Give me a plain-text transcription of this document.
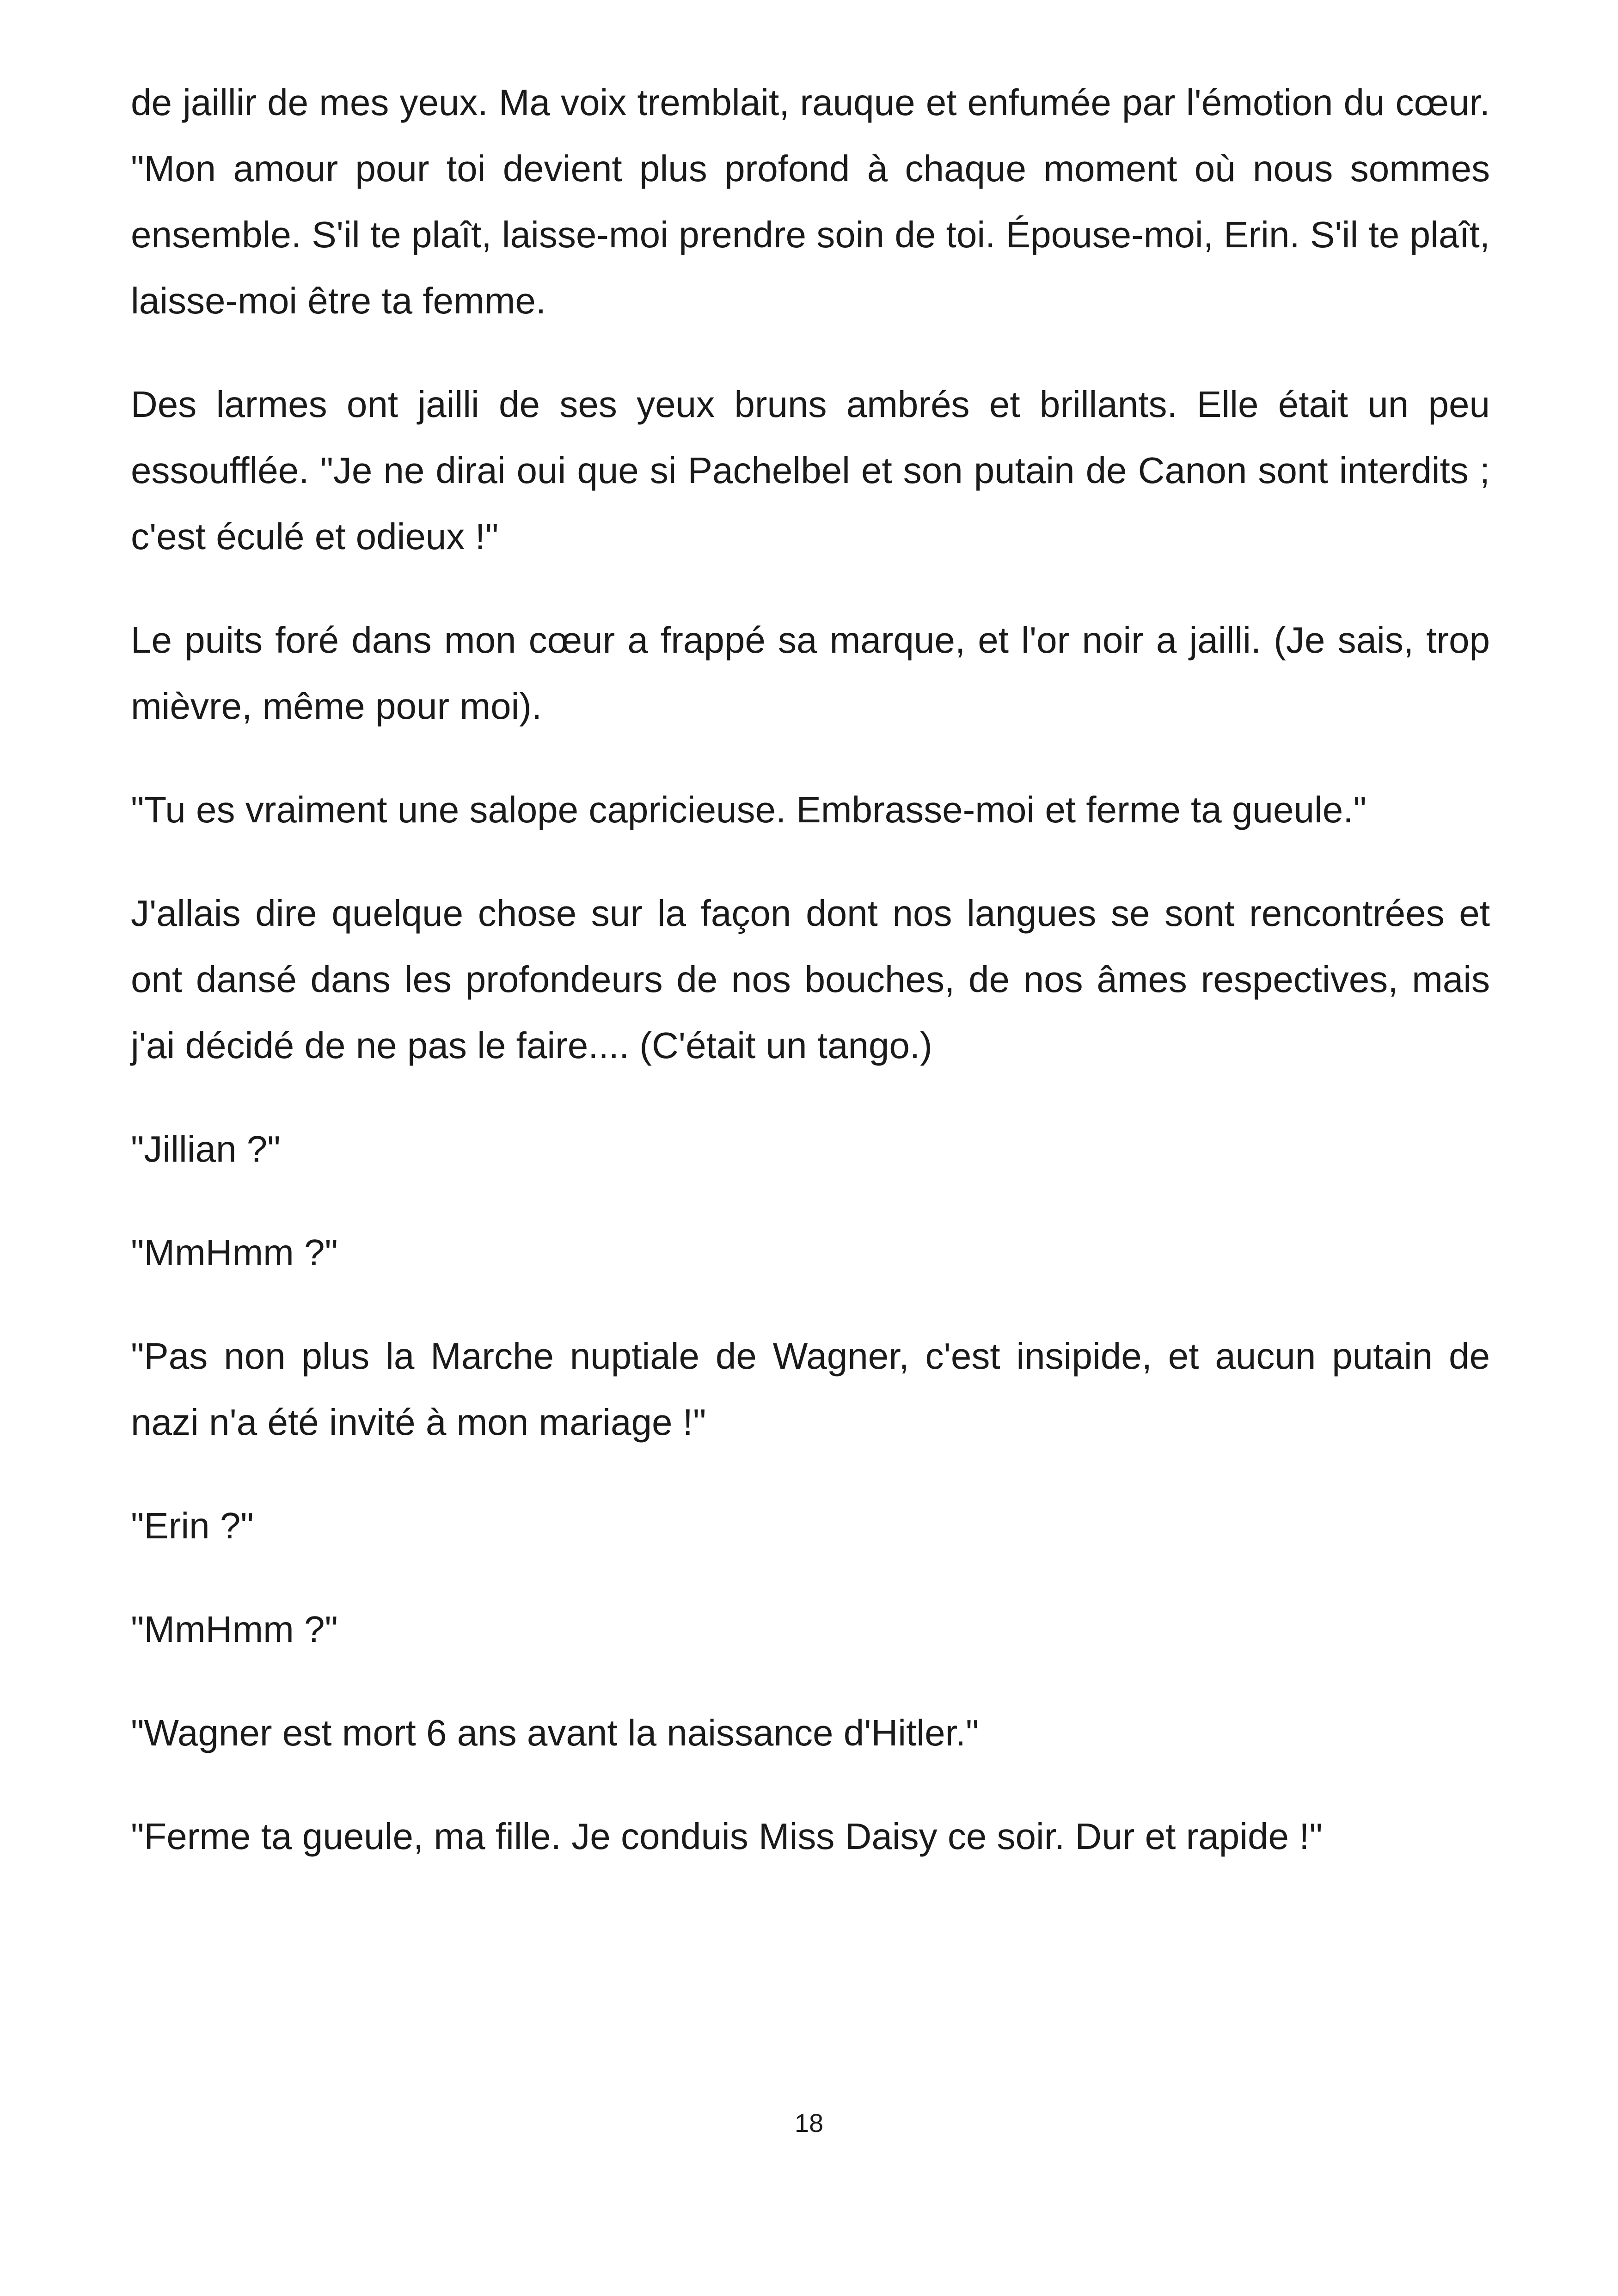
de jaillir de mes yeux. Ma voix tremblait, rauque et enfumée par l'émotion du cœur. "Mon amour pour toi devient plus profond à chaque moment où nous sommes ensemble. S'il te plaît, laisse-moi prendre soin de toi. Épouse-moi, Erin. S'il te plaît, laisse-moi être ta femme.

Des larmes ont jailli de ses yeux bruns ambrés et brillants. Elle était un peu essoufflée. "Je ne dirai oui que si Pachelbel et son putain de Canon sont interdits ; c'est éculé et odieux !"

Le puits foré dans mon cœur a frappé sa marque, et l'or noir a jailli. (Je sais, trop mièvre, même pour moi).

"Tu es vraiment une salope capricieuse. Embrasse-moi et ferme ta gueule."

J'allais dire quelque chose sur la façon dont nos langues se sont rencontrées et ont dansé dans les profondeurs de nos bouches, de nos âmes respectives, mais j'ai décidé de ne pas le faire.... (C'était un tango.)

"Jillian ?"

"MmHmm ?"

"Pas non plus la Marche nuptiale de Wagner, c'est insipide, et aucun putain de nazi n'a été invité à mon mariage !"

"Erin ?"

"MmHmm ?"

"Wagner est mort 6 ans avant la naissance d'Hitler."

"Ferme ta gueule, ma fille. Je conduis Miss Daisy ce soir. Dur et rapide !"

18
